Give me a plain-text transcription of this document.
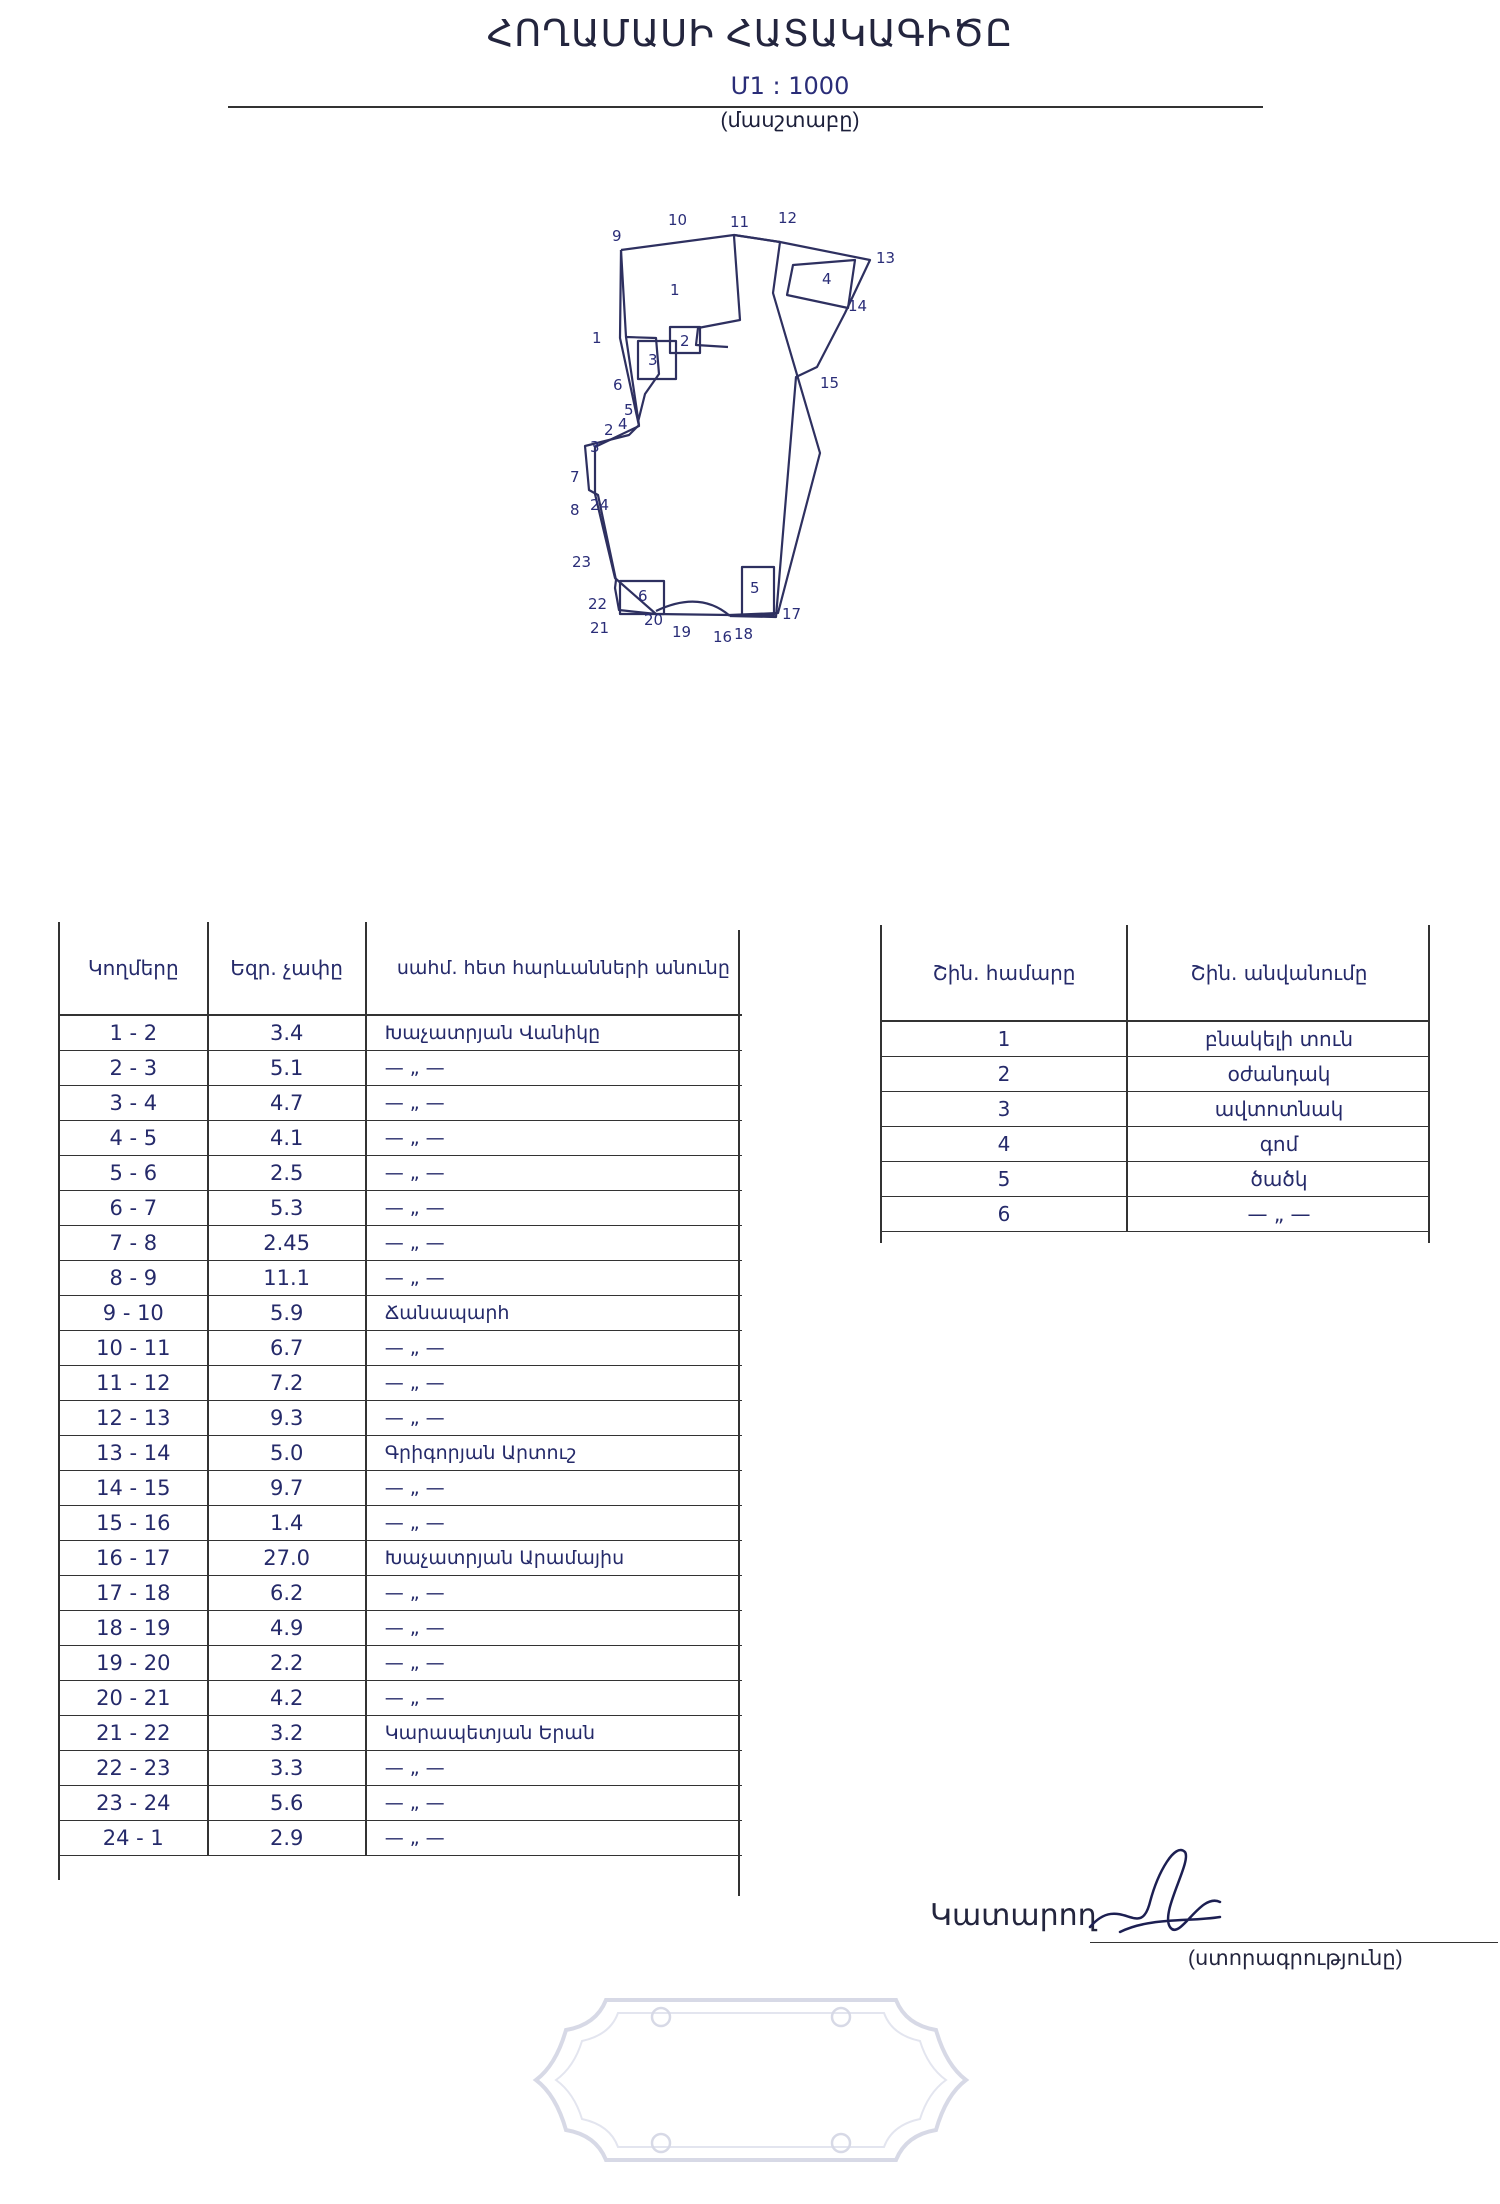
ՀՈՂԱՄԱՍԻ ՀԱՏԱԿԱԳԻԾԸ
Մ1 : 1000
(մասշտաբը)
1
2
3
4
5
6
1
2
3
4
5
6
7
8
9
10	11 12
13
14
15
16
17
18
19
20
21
22
23
24
Կողմերը	Եզր. չափը	սահմ. հետ հարևանների անունը
1 - 2	3.4	Խաչատրյան Վանիկը
2 - 3	5.1	— „ —
3 - 4	4.7	— „ —
4 - 5	4.1	— „ —
5 - 6	2.5	— „ —
6 - 7	5.3	— „ —
7 - 8	2.45	— „ —
8 - 9	11.1	— „ —
9 - 10	5.9	Ճանապարհ
10 - 11	6.7	— „ —
11 - 12	7.2	— „ —
12 - 13	9.3	— „ —
13 - 14	5.0	Գրիգորյան Արտուշ
14 - 15	9.7	— „ —
15 - 16	1.4	— „ —
16 - 17	27.0	Խաչատրյան Արամայիս
17 - 18	6.2	— „ —
18 - 19	4.9	— „ —
19 - 20	2.2	— „ —
20 - 21	4.2	— „ —
21 - 22	3.2	Կարապետյան Երան
22 - 23	3.3	— „ —
23 - 24	5.6	— „ —
24 - 1	2.9	— „ —
Շին. համարը	Շին. անվանումը
1	բնակելի տուն
2	օժանդակ
3	ավտոտնակ
4	գոմ
5	ծածկ
6	— „ —
Կատարող
(ստորագրությունը)
